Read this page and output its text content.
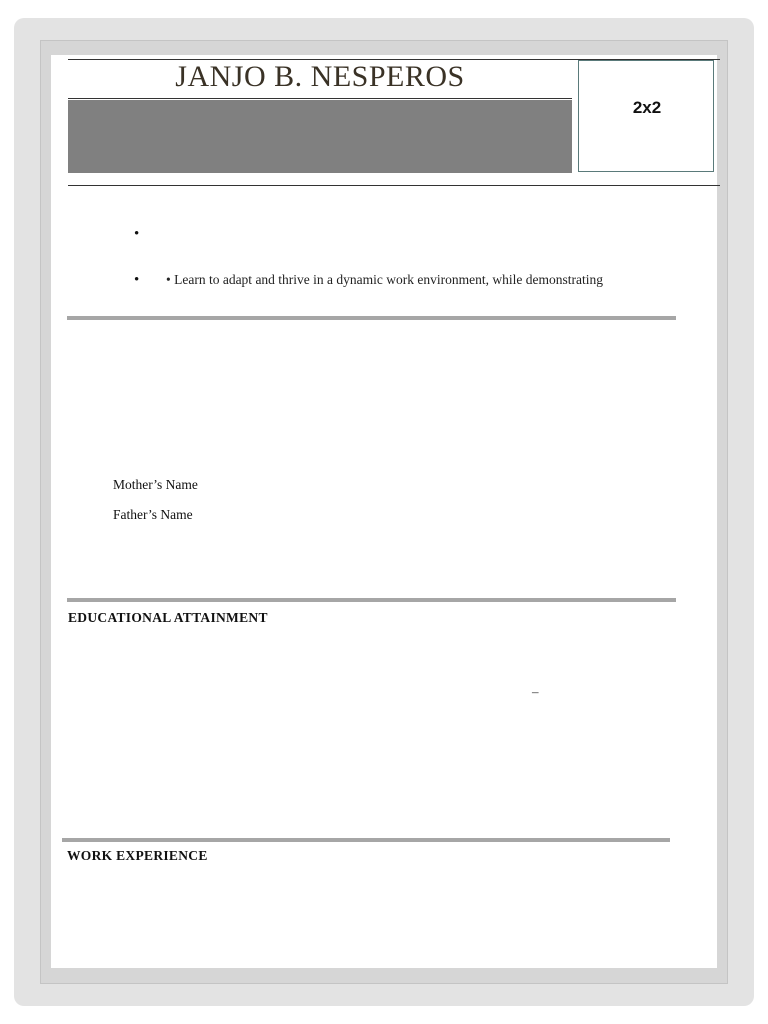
JANJO B. NESPEROS
2x2
•
• • Learn to adapt and thrive in a dynamic work environment, while demonstrating
Mother’s Name
Father’s Name
EDUCATIONAL ATTAINMENT
–
WORK EXPERIENCE
